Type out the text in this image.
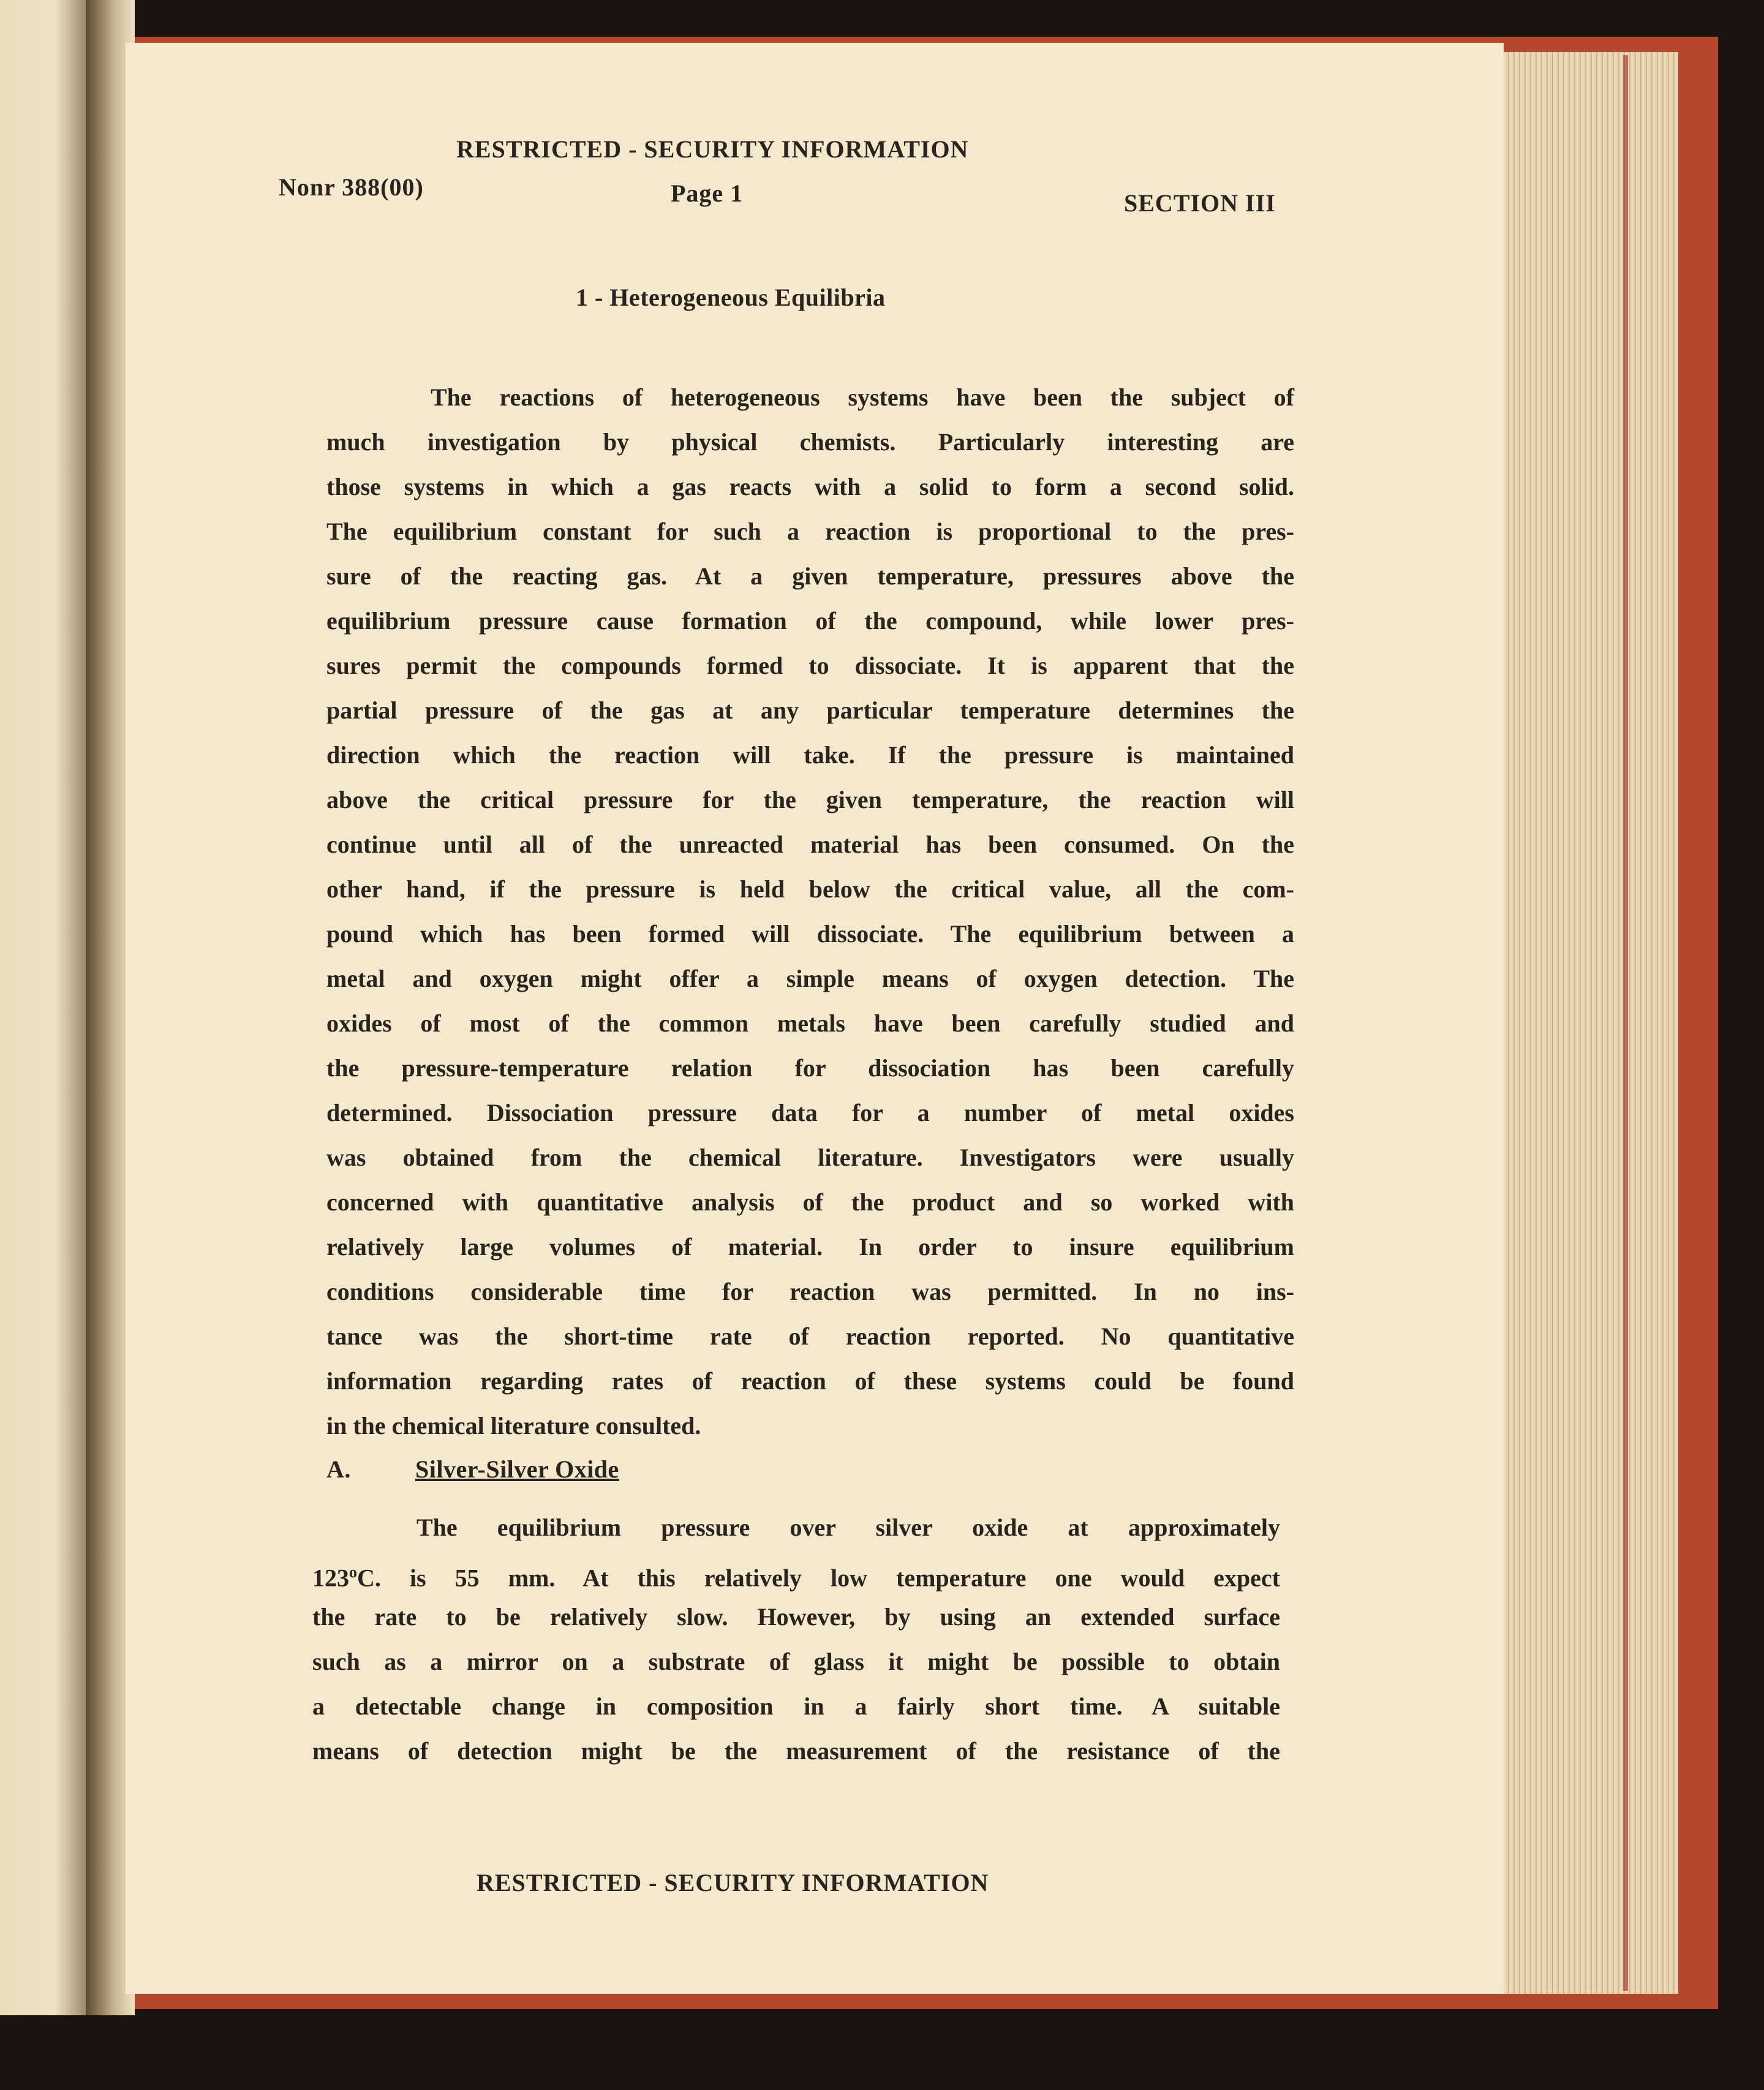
RESTRICTED - SECURITY INFORMATION
Nonr 388(00)	Page 1	SECTION III
1 - Heterogeneous Equilibria
The reactions of heterogeneous systems have been the subject of
much investigation by physical chemists. Particularly interesting are
those systems in which a gas reacts with a solid to form a second solid.
The equilibrium constant for such a reaction is proportional to the pres-
sure of the reacting gas. At a given temperature, pressures above the
equilibrium pressure cause formation of the compound, while lower pres-
sures permit the compounds formed to dissociate. It is apparent that the
partial pressure of the gas at any particular temperature determines the
direction which the reaction will take. If the pressure is maintained
above the critical pressure for the given temperature, the reaction will
continue until all of the unreacted material has been consumed. On the
other hand, if the pressure is held below the critical value, all the com-
pound which has been formed will dissociate. The equilibrium between a
metal and oxygen might offer a simple means of oxygen detection. The
oxides of most of the common metals have been carefully studied and
the pressure-temperature relation for dissociation has been carefully
determined. Dissociation pressure data for a number of metal oxides
was obtained from the chemical literature. Investigators were usually
concerned with quantitative analysis of the product and so worked with
relatively large volumes of material. In order to insure equilibrium
conditions considerable time for reaction was permitted. In no ins-
tance was the short-time rate of reaction reported. No quantitative
information regarding rates of reaction of these systems could be found
in the chemical literature consulted.
A.	Silver-Silver Oxide
The equilibrium pressure over silver oxide at approximately
123$^o$C. is 55 mm. At this relatively low temperature one would expect
the rate to be relatively slow. However, by using an extended surface
such as a mirror on a substrate of glass it might be possible to obtain
a detectable change in composition in a fairly short time. A suitable
means of detection might be the measurement of the resistance of the
RESTRICTED - SECURITY INFORMATION
